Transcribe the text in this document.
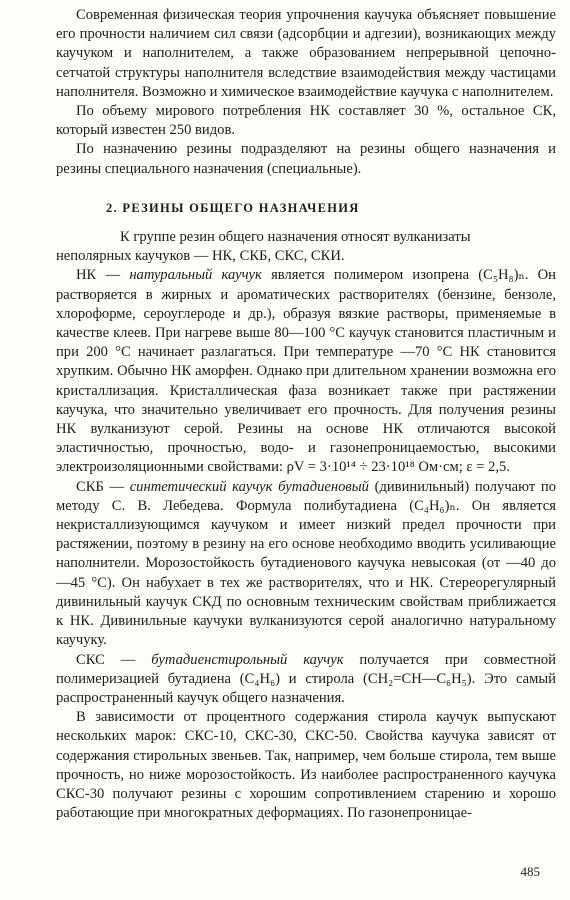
Современная физическая теория упрочнения каучука объясняет повышение его прочности наличием сил связи (адсорбции и адгезии), возникающих между каучуком и наполнителем, а также образованием непрерывной цепочно-сетчатой структуры наполнителя вследствие взаимодействия между частицами наполнителя. Возможно и химическое взаимодействие каучука с наполнителем.

По объему мирового потребления НК составляет 30 %, остальное СК, который известен 250 видов.

По назначению резины подразделяют на резины общего назначения и резины специального назначения (специальные).

2. РЕЗИНЫ ОБЩЕГО НАЗНАЧЕНИЯ

К группе резин общего назначения относят вулканизаты

неполярных каучуков — НК, СКБ, СКС, СКИ.

НК — натуральный каучук является полимером изопрена (C₅H₈)ₙ. Он растворяется в жирных и ароматических растворителях (бензине, бензоле, хлороформе, сероуглероде и др.), образуя вязкие растворы, применяемые в качестве клеев. При нагреве выше 80—100 °С каучук становится пластичным и при 200 °С начинает разлагаться. При температуре —70 °С НК становится хрупким. Обычно НК аморфен. Однако при длительном хранении возможна его кристаллизация. Кристаллическая фаза возникает также при растяжении каучука, что значительно увеличивает его прочность. Для получения резины НК вулканизуют серой. Резины на основе НК отличаются высокой эластичностью, прочностью, водо- и газонепроницаемостью, высокими электроизоляционными свойствами: ρV = 3·10¹⁴ ÷ 23·10¹⁸ Ом·см; ε = 2,5.

СКБ — синтетический каучук бутадиеновый (дивинильный) получают по методу С. В. Лебедева. Формула полибутадиена (C₄H₆)ₙ. Он является некристаллизующимся каучуком и имеет низкий предел прочности при растяжении, поэтому в резину на его основе необходимо вводить усиливающие наполнители. Морозостойкость бутадиенового каучука невысокая (от —40 до —45 °С). Он набухает в тех же растворителях, что и НК. Стереорегулярный дивинильный каучук СКД по основным техническим свойствам приближается к НК. Дивинильные каучуки вулканизуются серой аналогично натуральному каучуку.

СКС — бутадиенстирольный каучук получается при совместной полимеризацией бутадиена (C₄H₆) и стирола (CH₂=CH—C₆H₅). Это самый распространенный каучук общего назначения.

В зависимости от процентного содержания стирола каучук выпускают нескольких марок: СКС-10, СКС-30, СКС-50. Свойства каучука зависят от содержания стирольных звеньев. Так, например, чем больше стирола, тем выше прочность, но ниже морозостойкость. Из наиболее распространенного каучука СКС-30 получают резины с хорошим сопротивлением старению и хорошо работающие при многократных деформациях. По газонепроницае-

485
